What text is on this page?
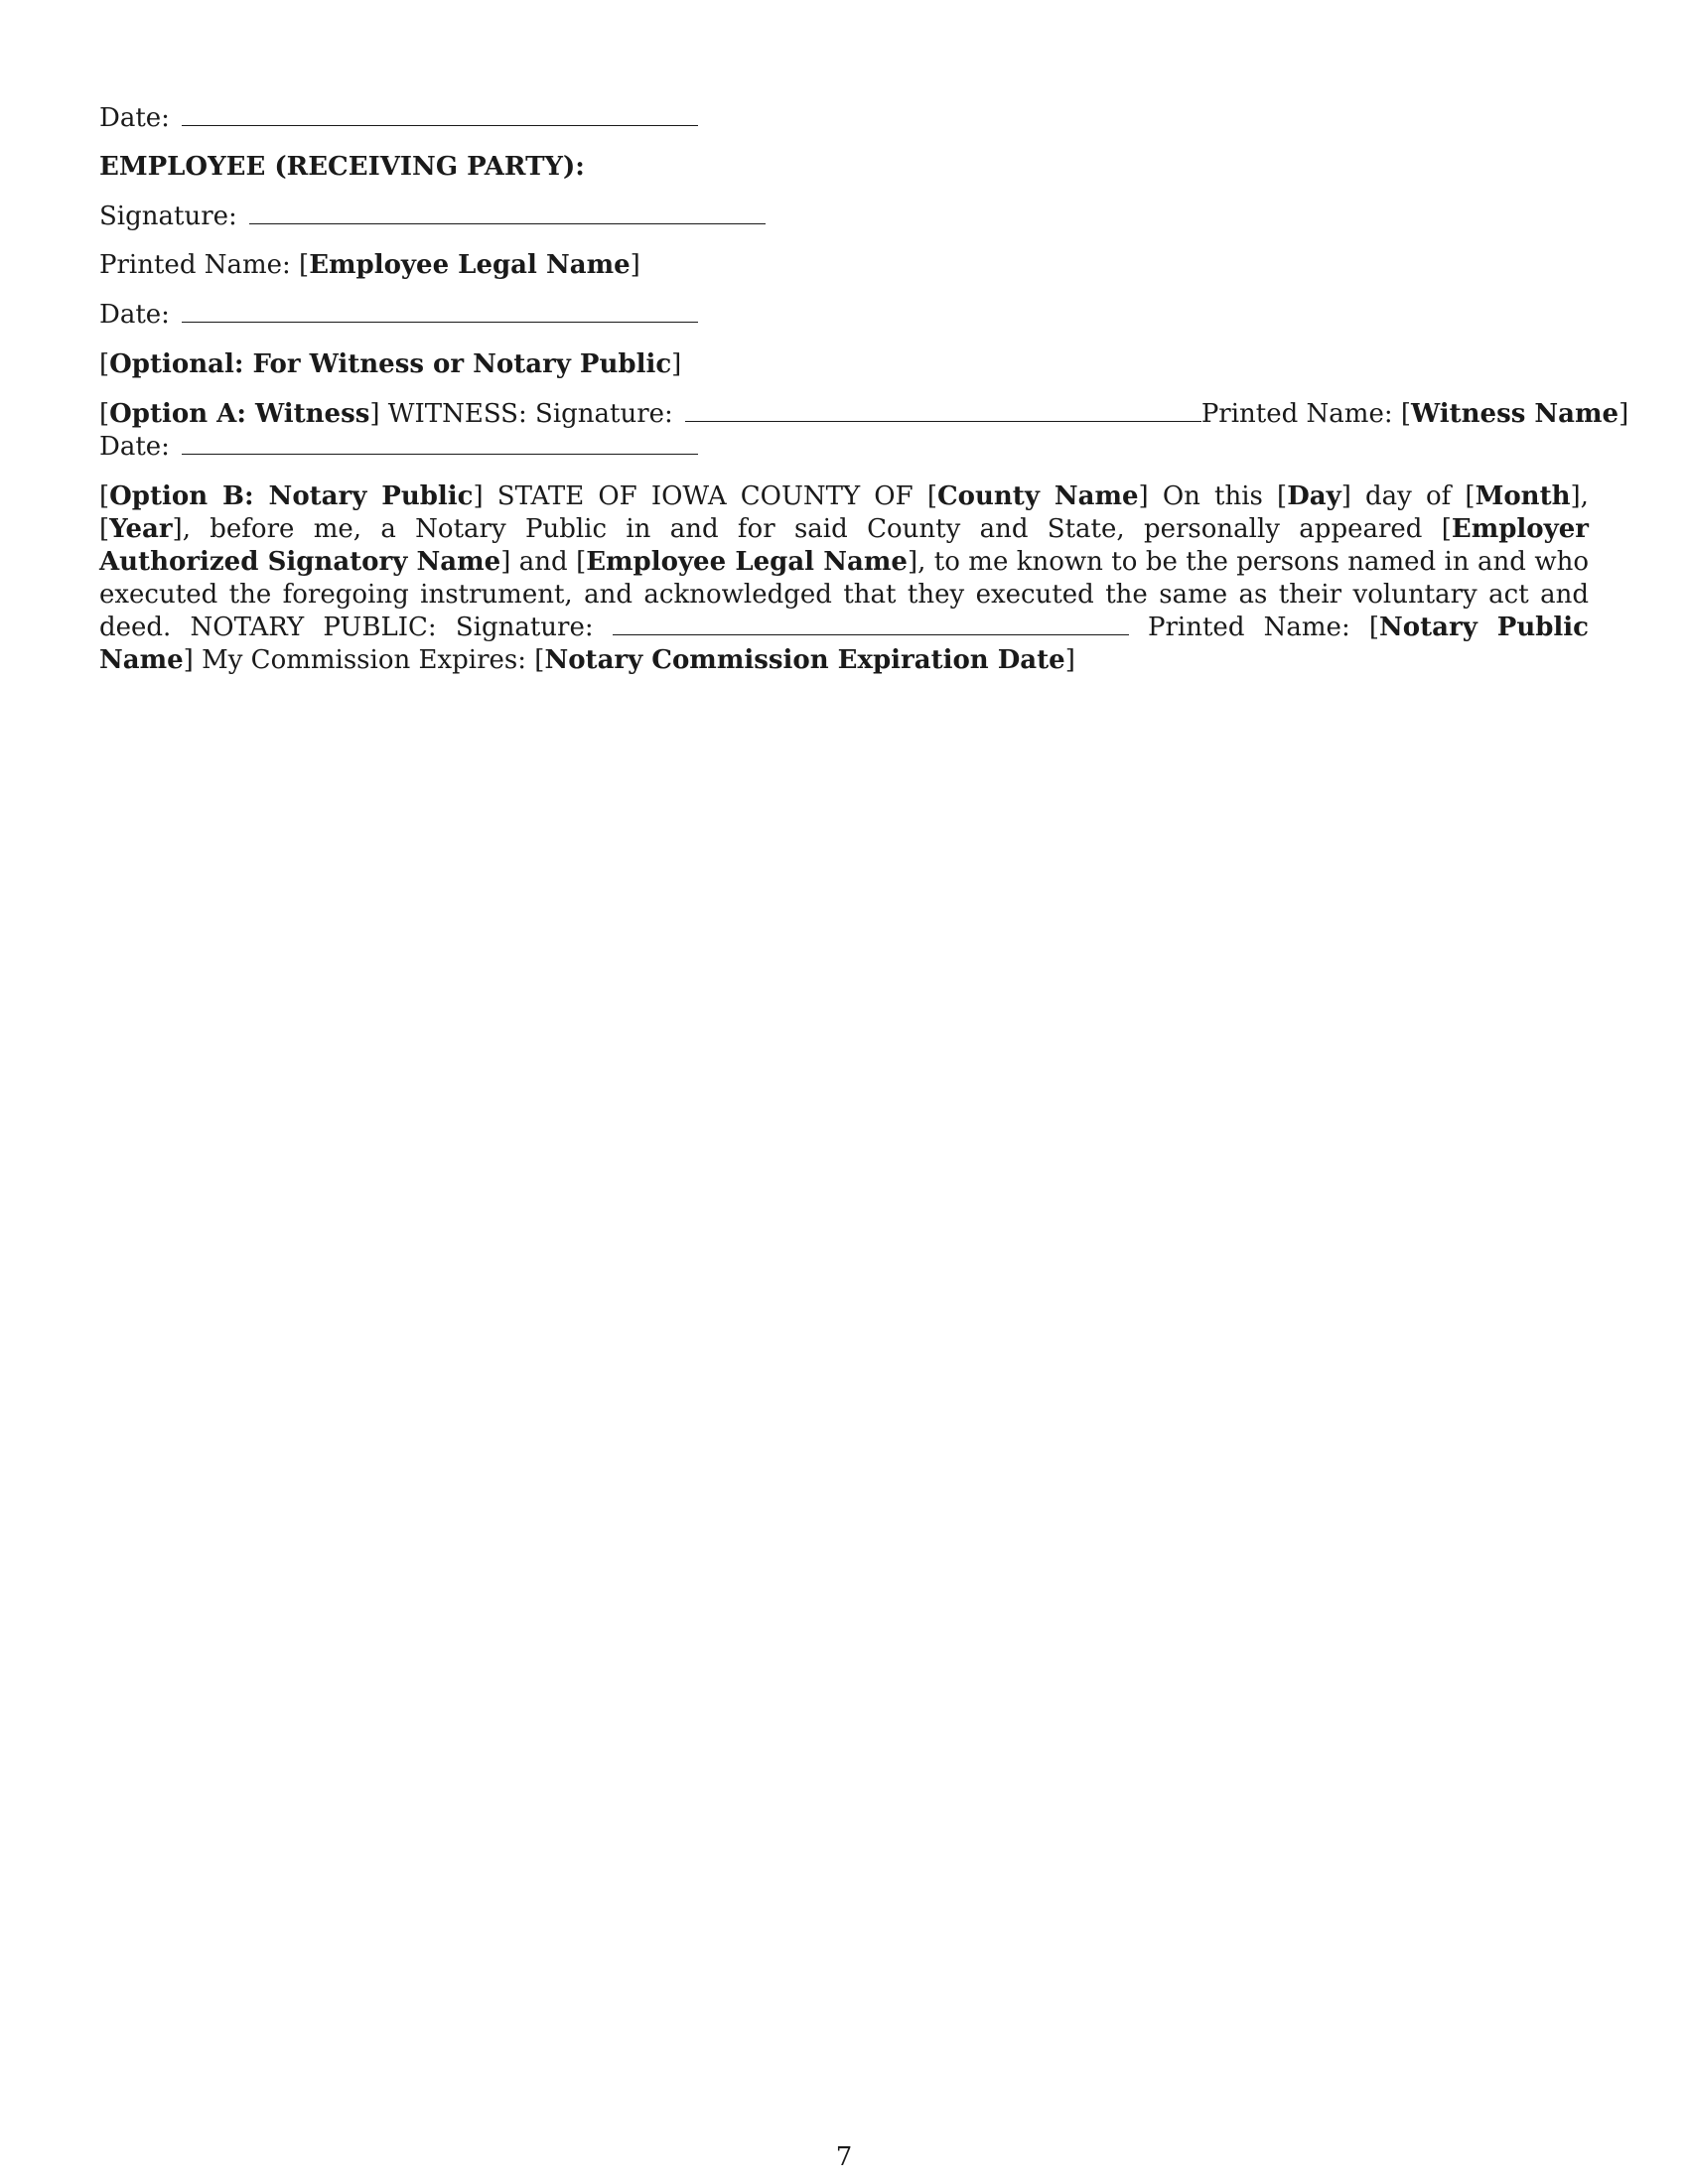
Date:
EMPLOYEE (RECEIVING PARTY):
Signature:
Printed Name: [Employee Legal Name]
Date:
[Optional: For Witness or Notary Public]
[Option A: Witness] WITNESS: Signature:	Printed Name: [Witness Name]
Date:
[Option B: Notary Public] STATE OF IOWA COUNTY OF [County Name] On this [Day] day of [Month], [Year], before me, a Notary Public in and for said County and State, personally appeared [Employer Authorized Signatory Name] and [Employee Legal Name], to me known to be the persons named in and who executed the foregoing instrument, and acknowledged that they executed the same as their voluntary act and deed. NOTARY PUBLIC: Signature:	Printed Name: [Notary Public Name] My Commission Expires: [Notary Commission Expiration Date]
7
